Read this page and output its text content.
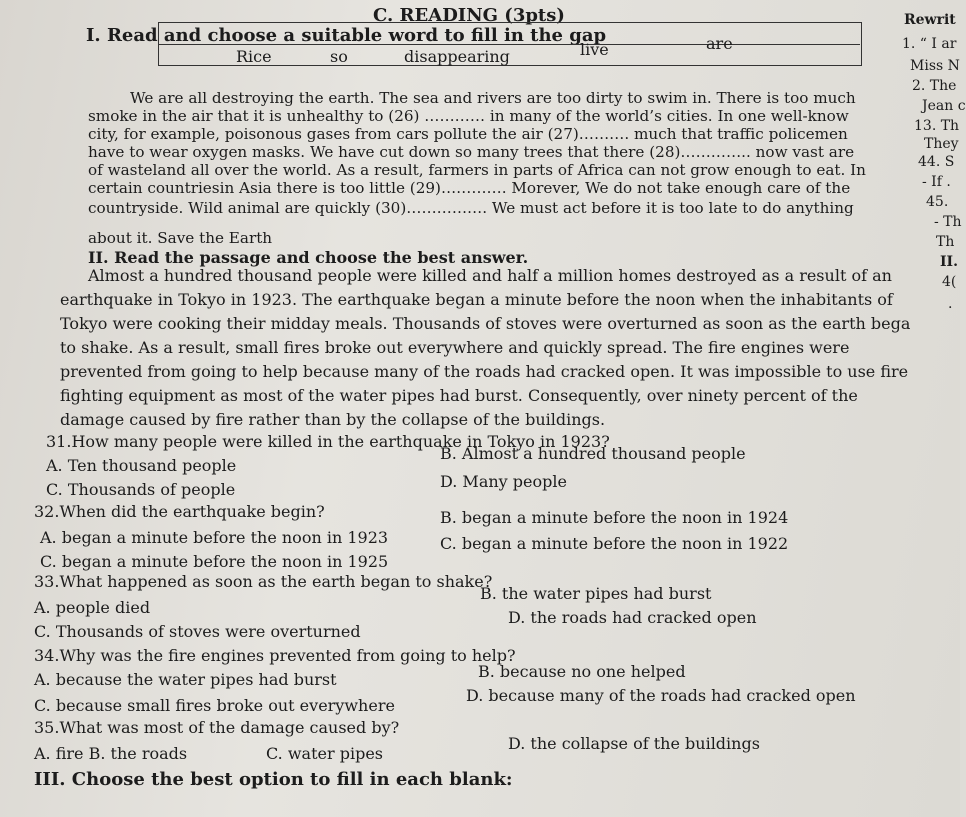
C. READING (3pts)
I. Read and choose a suitable word to fill in the gap
Rice	so	disappearing	live	are
We are all destroying the earth. The sea and rivers are too dirty to swim in. There is too much
smoke in the air that it is unhealthy to (26) ………… in many of the world’s cities. In one well-know
city, for example, poisonous gases from cars pollute the air (27)………. much that traffic policemen
have to wear oxygen masks. We have cut down so many trees that there (28)………….. now vast are
of wasteland all over the world. As a result, farmers in parts of Africa can not grow enough to eat. In
certain countriesin Asia there is too little (29)…………. Morever, We do not take enough care of the
countryside. Wild animal are quickly (30)……………. We must act before it is too late to do anything
about it. Save the Earth
II. Read the passage and choose the best answer.
Almost a hundred thousand people were killed and half a million homes destroyed as a result of an
earthquake in Tokyo in 1923. The earthquake began a minute before the noon when the inhabitants of
Tokyo were cooking their midday meals. Thousands of stoves were overturned as soon as the earth bega
to shake. As a result, small fires broke out everywhere and quickly spread. The fire engines were
prevented from going to help because many of the roads had cracked open. It was impossible to use fire
fighting equipment as most of the water pipes had burst. Consequently, over ninety percent of the
damage caused by fire rather than by the collapse of the buildings.
31.How many people were killed in the earthquake in Tokyo in 1923?
A. Ten thousand people
B. Almost a hundred thousand people
C. Thousands of people	D. Many people
32.When did the earthquake begin?
A. began a minute before the noon in 1923
B. began a minute before the noon in 1924
C. began a minute before the noon in 1925
C. began a minute before the noon in 1922
33.What happened as soon as the earth began to shake?
A. people died
B. the water pipes had burst
C. Thousands of stoves were overturned
D. the roads had cracked open
34.Why was the fire engines prevented from going to help?
A. because the water pipes had burst	B. because no one helped
C. because small fires broke out everywhere
D. because many of the roads had cracked open
35.What was most of the damage caused by?
A. fire B. the roads	C. water pipes
D. the collapse of the buildings
III. Choose the best option to fill in each blank:
Rewrit
1. “ I ar
Miss N
2. The
Jean c
13. Th
They
44. S
- If .
45.
- Th
Th
II.
4(
.
